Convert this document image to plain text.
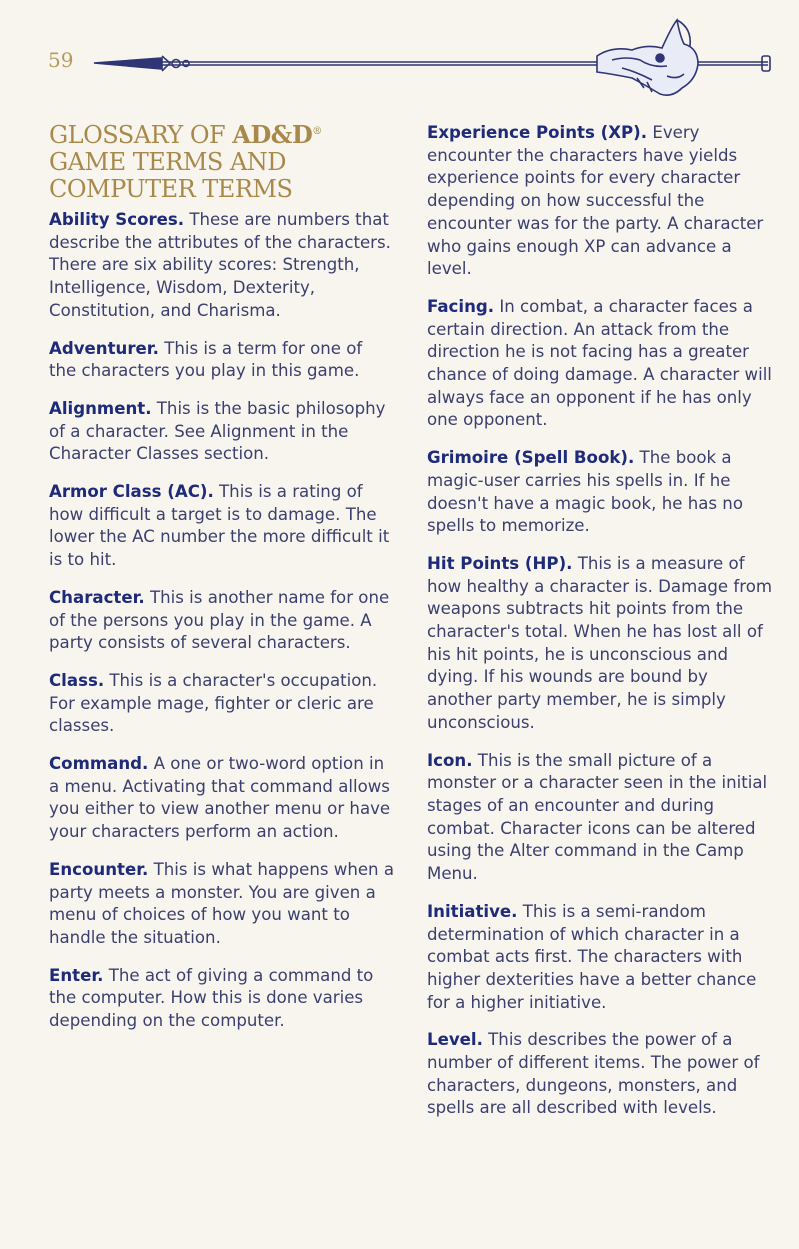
59
GLOSSARY OF AD&D®
GAME TERMS AND
COMPUTER TERMS

Ability Scores. These are numbers that describe the attributes of the characters. There are six ability scores: Strength, Intelligence, Wisdom, Dexterity, Constitution, and Charisma.

Adventurer. This is a term for one of the characters you play in this game.

Alignment. This is the basic philosophy of a character. See Alignment in the Character Classes section.

Armor Class (AC). This is a rating of how difficult a target is to damage. The lower the AC number the more difficult it is to hit.

Character. This is another name for one of the persons you play in the game. A party consists of several characters.

Class. This is a character's occupation. For example mage, fighter or cleric are classes.

Command. A one or two-word option in a menu. Activating that command allows you either to view another menu or have your characters perform an action.

Encounter. This is what happens when a party meets a monster. You are given a menu of choices of how you want to handle the situation.

Enter. The act of giving a command to the computer. How this is done varies depending on the computer.

Experience Points (XP). Every encounter the characters have yields experience points for every character depending on how successful the encounter was for the party. A character who gains enough XP can advance a level.

Facing. In combat, a character faces a certain direction. An attack from the direction he is not facing has a greater chance of doing damage. A character will always face an opponent if he has only one opponent.

Grimoire (Spell Book). The book a magic-user carries his spells in. If he doesn't have a magic book, he has no spells to memorize.

Hit Points (HP). This is a measure of how healthy a character is. Damage from weapons subtracts hit points from the character's total. When he has lost all of his hit points, he is unconscious and dying. If his wounds are bound by another party member, he is simply unconscious.

Icon. This is the small picture of a monster or a character seen in the initial stages of an encounter and during combat. Character icons can be altered using the Alter command in the Camp Menu.

Initiative. This is a semi-random determination of which character in a combat acts first. The characters with higher dexterities have a better chance for a higher initiative.

Level. This describes the power of a number of different items. The power of characters, dungeons, monsters, and spells are all described with levels.
